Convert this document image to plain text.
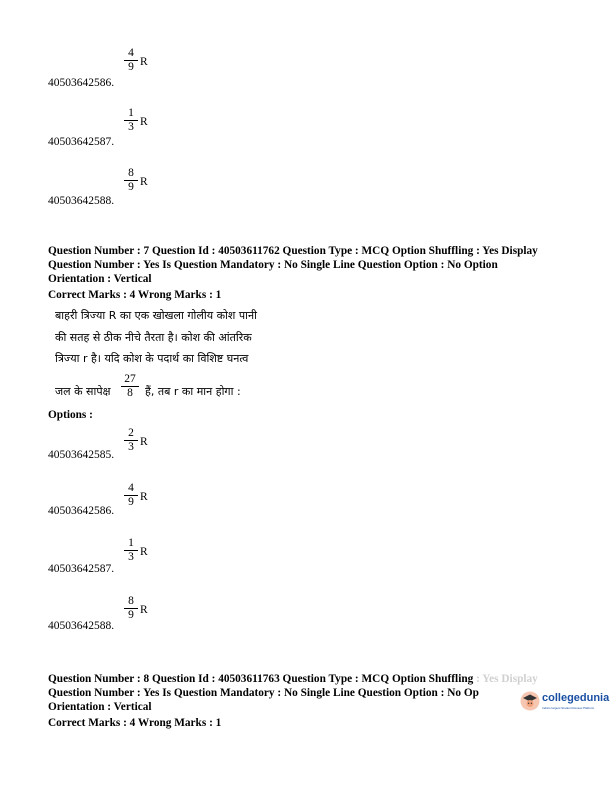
4
9 R
40503642586.
1
3 R
40503642587.
8
9 R
40503642588.
Question Number : 7 Question Id : 40503611762 Question Type : MCQ Option Shuffling : Yes Display
Question Number : Yes Is Question Mandatory : No Single Line Question Option : No Option
Orientation : Vertical
Correct Marks : 4 Wrong Marks : 1
बाहरी त्रिज्या R का एक खोखला गोलीय कोश पानी
की सतह से ठीक नीचे तैरता है। कोश की आंतरिक
त्रिज्या r है। यदि कोश के पदार्थ का विशिष्ट घनत्व
जल के सापेक्ष
27
8	हैं, तब r का मान होगा :
Options :
2
3 R
40503642585.
4
9 R
40503642586.
1
3 R
40503642587.
8
9 R
40503642588.
Question Number : 8 Question Id : 40503611763 Question Type : MCQ Option Shuffling : Yes Display
Question Number : Yes Is Question Mandatory : No Single Line Question Option : No Op
Orientation : Vertical
Correct Marks : 4 Wrong Marks : 1
collegedunia
India's largest Student Review Platform
